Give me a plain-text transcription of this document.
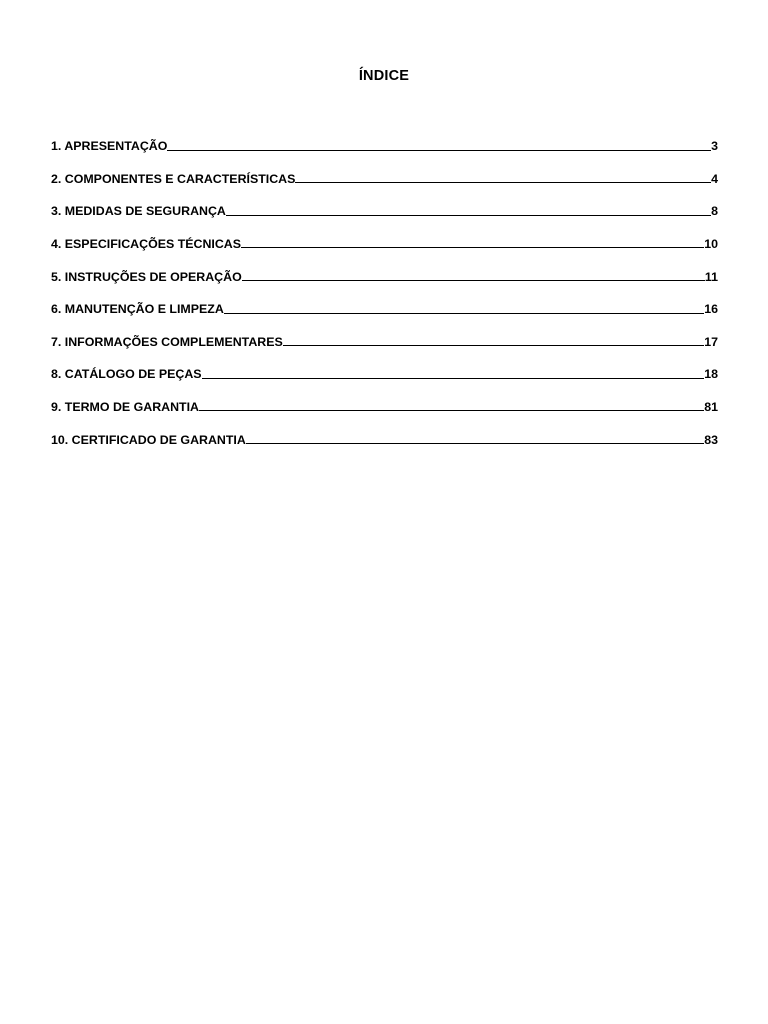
ÍNDICE
1. APRESENTAÇÃO	3
2. COMPONENTES E CARACTERÍSTICAS	4
3. MEDIDAS DE SEGURANÇA	8
4. ESPECIFICAÇÕES TÉCNICAS	10
5. INSTRUÇÕES DE OPERAÇÃO	11
6. MANUTENÇÃO E LIMPEZA	16
7. INFORMAÇÕES COMPLEMENTARES	17
8. CATÁLOGO DE PEÇAS	18
9. TERMO DE GARANTIA	81
10. CERTIFICADO DE GARANTIA	83
